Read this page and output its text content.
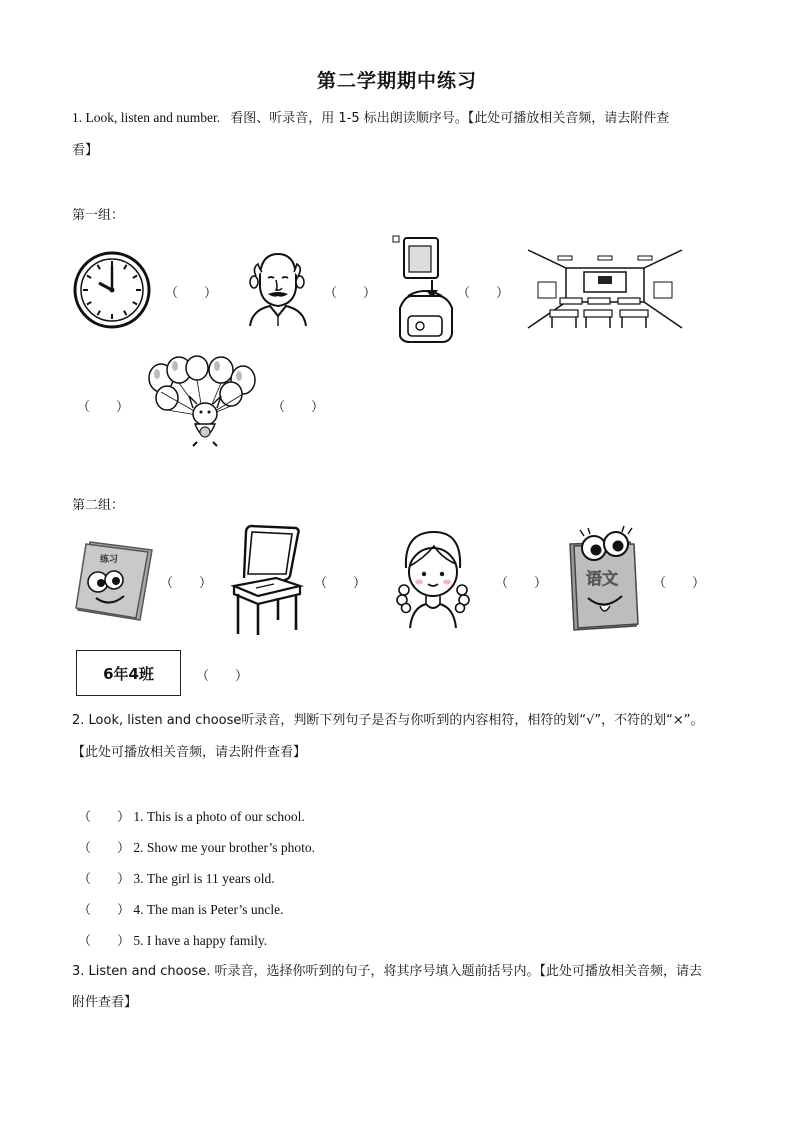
第二学期期中练习
1. Look, listen and number. 看图、听录音，用 1-5 标出朗读顺序号。【此处可播放相关音频，请去附件查
看】
第一组：
（　　）	（　　）	（　　）
（　　）	（　　）
第二组：
练习
（　　）	（　　）	（　　） 语文	（　　）
6年4班	（　　）
2. Look, listen and choose听录音，判断下列句子是否与你听到的内容相符，相符的划“√”，不符的划“×”。
【此处可播放相关音频，请去附件查看】
（　　） 1. This is a photo of our school.
（　　） 2. Show me your brother’s photo.
（　　） 3. The girl is 11 years old.
（　　） 4. The man is Peter’s uncle.
（　　） 5. I have a happy family.
3. Listen and choose. 听录音，选择你听到的句子，将其序号填入题前括号内。【此处可播放相关音频，请去
附件查看】
